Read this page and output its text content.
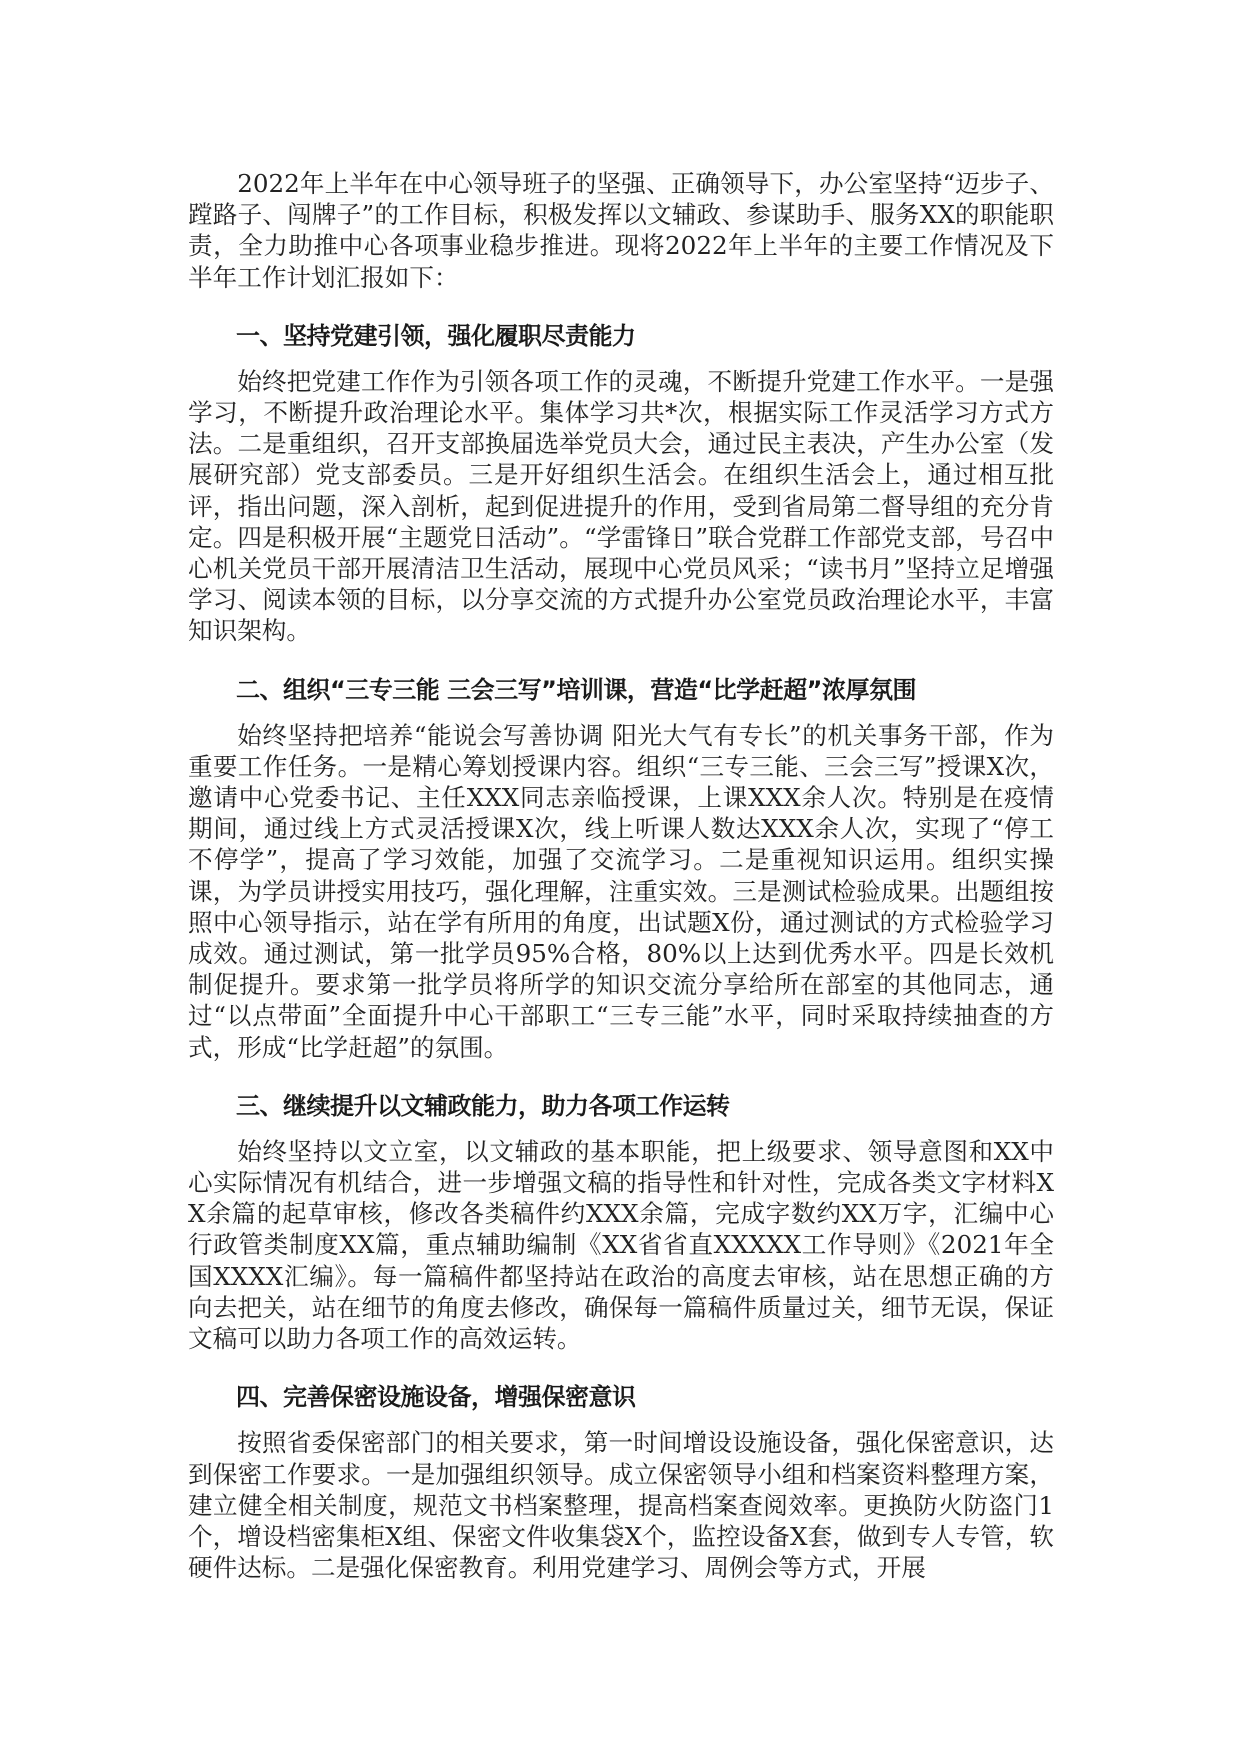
2022年上半年在中心领导班子的坚强、正确领导下，办公室坚持“迈步子、蹚路子、闯牌子”的工作目标，积极发挥以文辅政、参谋助手、服务XX的职能职责，全力助推中心各项事业稳步推进。现将2022年上半年的主要工作情况及下半年工作计划汇报如下：

一、坚持党建引领，强化履职尽责能力

始终把党建工作作为引领各项工作的灵魂，不断提升党建工作水平。一是强学习，不断提升政治理论水平。集体学习共*次，根据实际工作灵活学习方式方法。二是重组织，召开支部换届选举党员大会，通过民主表决，产生办公室（发展研究部）党支部委员。三是开好组织生活会。在组织生活会上，通过相互批评，指出问题，深入剖析，起到促进提升的作用，受到省局第二督导组的充分肯定。四是积极开展“主题党日活动”。“学雷锋日”联合党群工作部党支部，号召中心机关党员干部开展清洁卫生活动，展现中心党员风采；“读书月”坚持立足增强学习、阅读本领的目标，以分享交流的方式提升办公室党员政治理论水平，丰富知识架构。

二、组织“三专三能 三会三写”培训课，营造“比学赶超”浓厚氛围

始终坚持把培养“能说会写善协调 阳光大气有专长”的机关事务干部，作为重要工作任务。一是精心筹划授课内容。组织“三专三能、三会三写”授课X次，邀请中心党委书记、主任XXX同志亲临授课，上课XXX余人次。特别是在疫情期间，通过线上方式灵活授课X次，线上听课人数达XXX余人次，实现了“停工不停学”，提高了学习效能，加强了交流学习。二是重视知识运用。组织实操课，为学员讲授实用技巧，强化理解，注重实效。三是测试检验成果。出题组按照中心领导指示，站在学有所用的角度，出试题X份，通过测试的方式检验学习成效。通过测试，第一批学员95%合格，80%以上达到优秀水平。四是长效机制促提升。要求第一批学员将所学的知识交流分享给所在部室的其他同志，通过“以点带面”全面提升中心干部职工“三专三能”水平，同时采取持续抽查的方式，形成“比学赶超”的氛围。

三、继续提升以文辅政能力，助力各项工作运转

始终坚持以文立室，以文辅政的基本职能，把上级要求、领导意图和XX中心实际情况有机结合，进一步增强文稿的指导性和针对性，完成各类文字材料XX余篇的起草审核，修改各类稿件约XXX余篇，完成字数约XX万字，汇编中心行政管类制度XX篇，重点辅助编制《XX省省直XXXXX工作导则》《2021年全国XXXX汇编》。每一篇稿件都坚持站在政治的高度去审核，站在思想正确的方向去把关，站在细节的角度去修改，确保每一篇稿件质量过关，细节无误，保证文稿可以助力各项工作的高效运转。

四、完善保密设施设备，增强保密意识

按照省委保密部门的相关要求，第一时间增设设施设备，强化保密意识，达到保密工作要求。一是加强组织领导。成立保密领导小组和档案资料整理方案，建立健全相关制度，规范文书档案整理，提高档案查阅效率。更换防火防盗门1个，增设档密集柜X组、保密文件收集袋X个，监控设备X套，做到专人专管，软硬件达标。二是强化保密教育。利用党建学习、周例会等方式，开展
